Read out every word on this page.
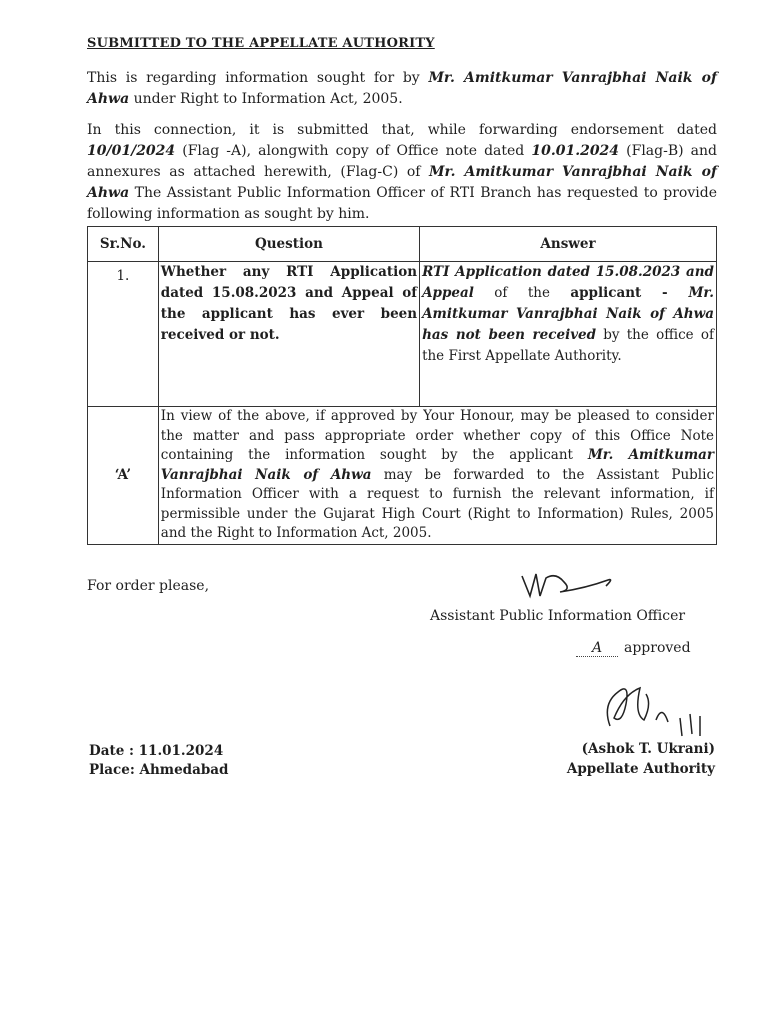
SUBMITTED TO THE APPELLATE AUTHORITY
This is regarding information sought for by Mr. Amitkumar Vanrajbhai Naik of Ahwa under Right to Information Act, 2005.
In this connection, it is submitted that, while forwarding endorsement dated 10/01/2024 (Flag -A), alongwith copy of Office note dated 10.01.2024 (Flag-B) and annexures as attached herewith, (Flag-C) of Mr. Amitkumar Vanrajbhai Naik of Ahwa The Assistant Public Information Officer of RTI Branch has requested to provide following information as sought by him.
Sr.No.	Question	Answer
1.	Whether any RTI Application dated 15.08.2023 and Appeal of the applicant has ever been received or not.	RTI Application dated 15.08.2023 and Appeal of the applicant - Mr. Amitkumar Vanrajbhai Naik of Ahwa has not been received by the office of the First Appellate Authority.
‘A’	In view of the above, if approved by Your Honour, may be pleased to consider the matter and pass appropriate order whether copy of this Office Note containing the information sought by the applicant Mr. Amitkumar Vanrajbhai Naik of Ahwa may be forwarded to the Assistant Public Information Officer with a request to furnish the relevant information, if permissible under the Gujarat High Court (Right to Information) Rules, 2005 and the Right to Information Act, 2005.	
For order please,
Assistant Public Information Officer
A approved
Date : 11.01.2024
Place: Ahmedabad
(Ashok T. Ukrani)
Appellate Authority
